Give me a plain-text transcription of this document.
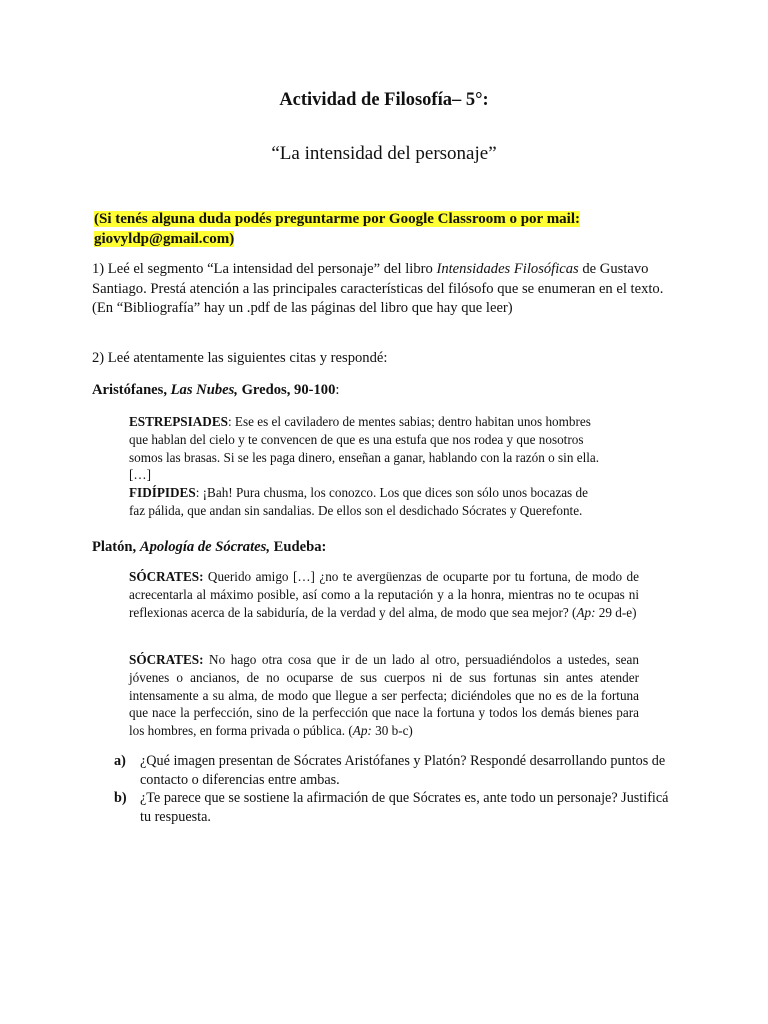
Actividad de Filosofía– 5°:
“La intensidad del personaje”
(Si tenés alguna duda podés preguntarme por Google Classroom o por mail:
giovyldp@gmail.com)

1) Leé el segmento “La intensidad del personaje” del libro Intensidades Filosóficas de Gustavo Santiago. Prestá atención a las principales características del filósofo que se enumeran en el texto. (En “Bibliografía” hay un .pdf de las páginas del libro que hay que leer)

2) Leé atentamente las siguientes citas y respondé:

Aristófanes, Las Nubes, Gredos, 90-100:

ESTREPSIADES: Ese es el caviladero de mentes sabias; dentro habitan unos hombres
que hablan del cielo y te convencen de que es una estufa que nos rodea y que nosotros
somos las brasas. Si se les paga dinero, enseñan a ganar, hablando con la razón o sin ella.
[…]
FIDÍPIDES: ¡Bah! Pura chusma, los conozco. Los que dices son sólo unos bocazas de
faz pálida, que andan sin sandalias. De ellos son el desdichado Sócrates y Querefonte.

Platón, Apología de Sócrates, Eudeba:

SÓCRATES: Querido amigo […] ¿no te avergüenzas de ocuparte por tu fortuna, de modo de acrecentarla al máximo posible, así como a la reputación y a la honra, mientras no te ocupas ni reflexionas acerca de la sabiduría, de la verdad y del alma, de modo que sea mejor? (Ap: 29 d-e)
SÓCRATES: No hago otra cosa que ir de un lado al otro, persuadiéndolos a ustedes, sean jóvenes o ancianos, de no ocuparse de sus cuerpos ni de sus fortunas sin antes atender intensamente a su alma, de modo que llegue a ser perfecta; diciéndoles que no es de la fortuna que nace la perfección, sino de la perfección que nace la fortuna y todos los demás bienes para los hombres, en forma privada o pública. (Ap: 30 b-c)
a) ¿Qué imagen presentan de Sócrates Aristófanes y Platón? Respondé desarrollando puntos de contacto o diferencias entre ambas.
b) ¿Te parece que se sostiene la afirmación de que Sócrates es, ante todo un personaje? Justificá tu respuesta.
